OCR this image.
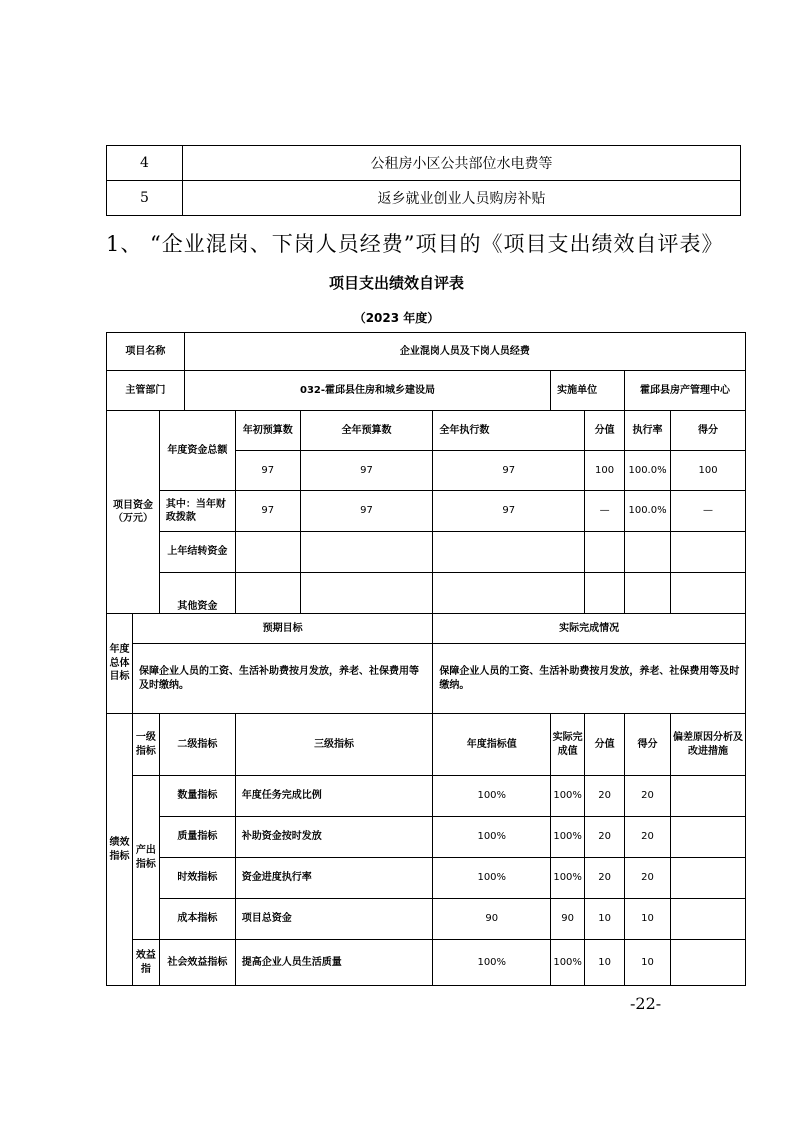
4	公租房小区公共部位水电费等
5	返乡就业创业人员购房补贴
1、 “企业混岗、下岗人员经费”项目的《项目支出绩效自评表》
项目支出绩效自评表
（2023 年度）
项目名称			企业混岗人员及下岗人员经费							
主管部门			032-霍邱县住房和城乡建设局				实施单位		霍邱县房产管理中心	
项目资金（万元）		年度资金总额		年初预算数	全年预算数	全年执行数		分值	执行率	得分
				97	97	97		100	100.0%	100
		其中：当年财政拨款		97	97	97		—	100.0%	—
		上年结转资金								
		其他资金								
年度总体目标	预期目标					实际完成情况				
	保障企业人员的工资、生活补助费按月发放，养老、社保费用等及时缴纳。					保障企业人员的工资、生活补助费按月发放，养老、社保费用等及时缴纳。				
绩效指标	一级指标	二级指标		三级指标		年度指标值	实际完成值	分值	得分	偏差原因分析及改进措施
	产出指标	数量指标		年度任务完成比例		100%	100%	20	20	
		质量指标		补助资金按时发放		100%	100%	20	20	
		时效指标		资金进度执行率		100%	100%	20	20	
		成本指标		项目总资金		90	90	10	10	
	效益指	社会效益指标		提高企业人员生活质量		100%	100%	10	10	
-22-
